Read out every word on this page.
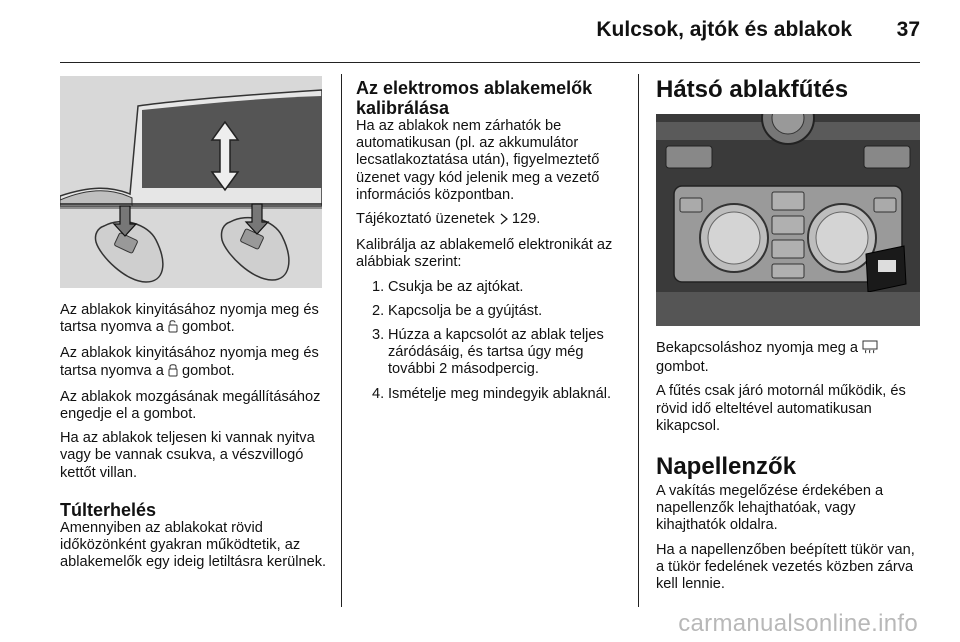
Kulcsok, ajtók és ablakok 37

Az ablakok kinyitásához nyomja meg és tartsa nyomva a gombot.

Az ablakok kinyitásához nyomja meg és tartsa nyomva a gombot.

Az ablakok mozgásának megállításához engedje el a gombot.

Ha az ablakok teljesen ki vannak nyitva vagy be vannak csukva, a vészvillogó kettőt villan.

Túlterhelés

Amennyiben az ablakokat rövid időközönként gyakran működtetik, az ablakemelők egy ideig letiltásra kerülnek.

Az elektromos ablakemelők kalibrálása

Ha az ablakok nem zárhatók be automatikusan (pl. az akkumulátor lecsatlakoztatása után), figyelmeztető üzenet vagy kód jelenik meg a vezető információs központban.

Tájékoztató üzenetek 129.

Kalibrálja az ablakemelő elektronikát az alábbiak szerint:

1. Csukja be az ajtókat.
2. Kapcsolja be a gyújtást.
3. Húzza a kapcsolót az ablak teljes záródásáig, és tartsa úgy még további 2 másodpercig.
4. Ismételje meg mindegyik ablaknál.
Hátsó ablakfűtés

Bekapcsoláshoz nyomja meg a
gombot.

A fűtés csak járó motornál működik, és rövid idő elteltével automatikusan kikapcsol.

Napellenzők

A vakítás megelőzése érdekében a napellenzők lehajthatóak, vagy kihajthatók oldalra.

Ha a napellenzőben beépített tükör van, a tükör fedelének vezetés közben zárva kell lennie.

carmanualsonline.info
